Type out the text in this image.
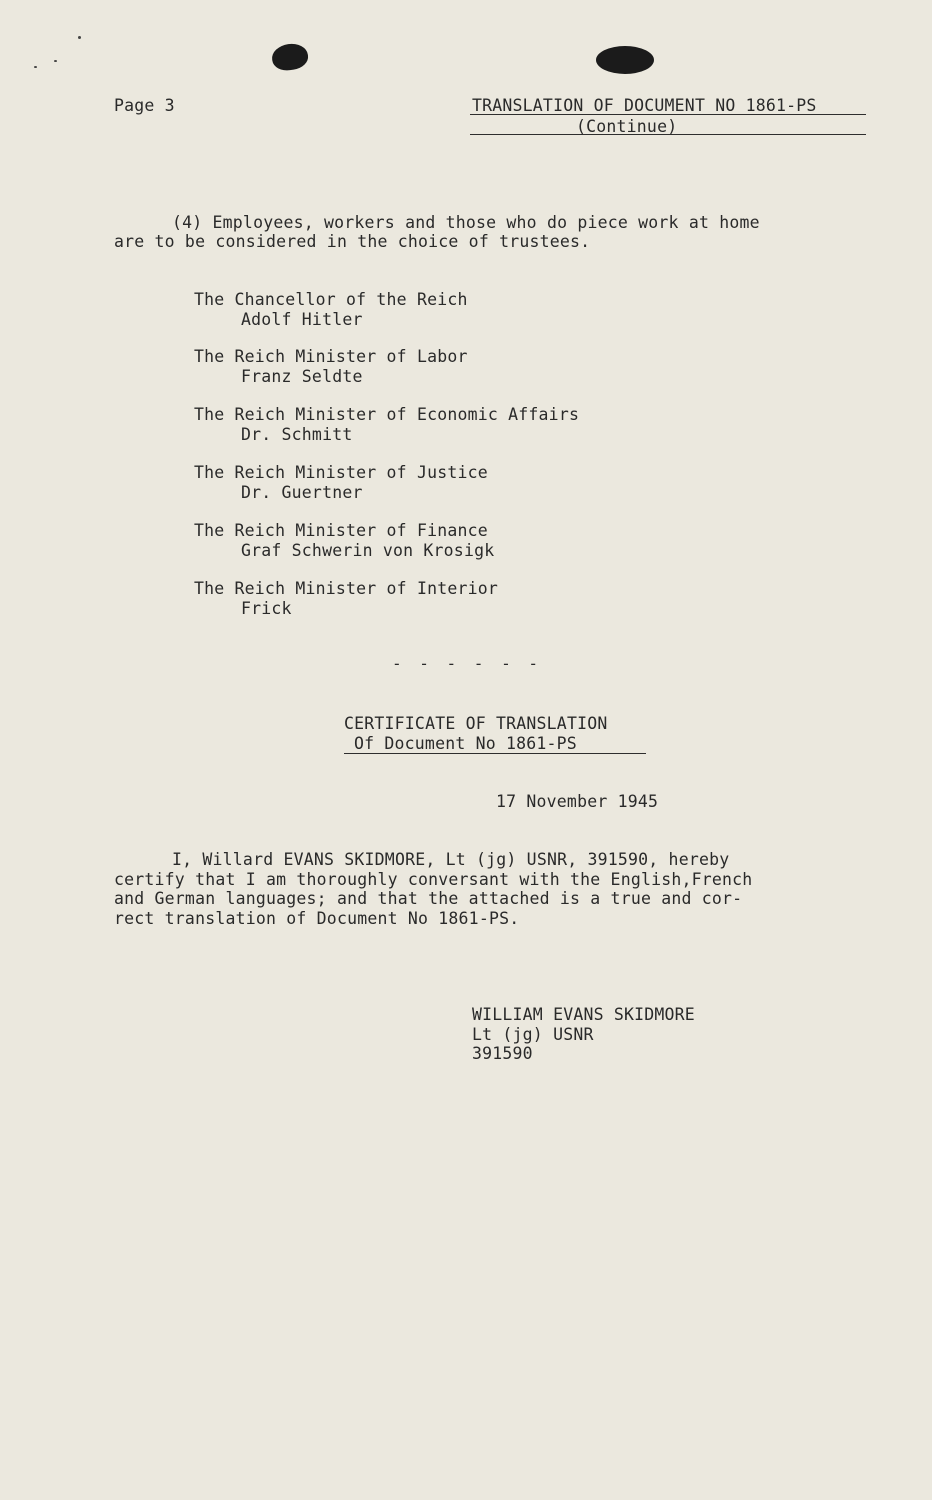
Page 3	TRANSLATION OF DOCUMENT NO 1861-PS
(Continue)
(4) Employees, workers and those who do piece work at home
are to be considered in the choice of trustees.
The Chancellor of the Reich
Adolf Hitler
The Reich Minister of Labor
Franz Seldte
The Reich Minister of Economic Affairs
Dr. Schmitt
The Reich Minister of Justice
Dr. Guertner
The Reich Minister of Finance
Graf Schwerin von Krosigk
The Reich Minister of Interior
Frick
- - - - - -
CERTIFICATE OF TRANSLATION
Of Document No 1861-PS
17 November 1945
I, Willard EVANS SKIDMORE, Lt (jg) USNR, 391590, hereby
certify that I am thoroughly conversant with the English,French
and German languages; and that the attached is a true and cor-
rect translation of Document No 1861-PS.
WILLIAM EVANS SKIDMORE
Lt (jg) USNR
391590
